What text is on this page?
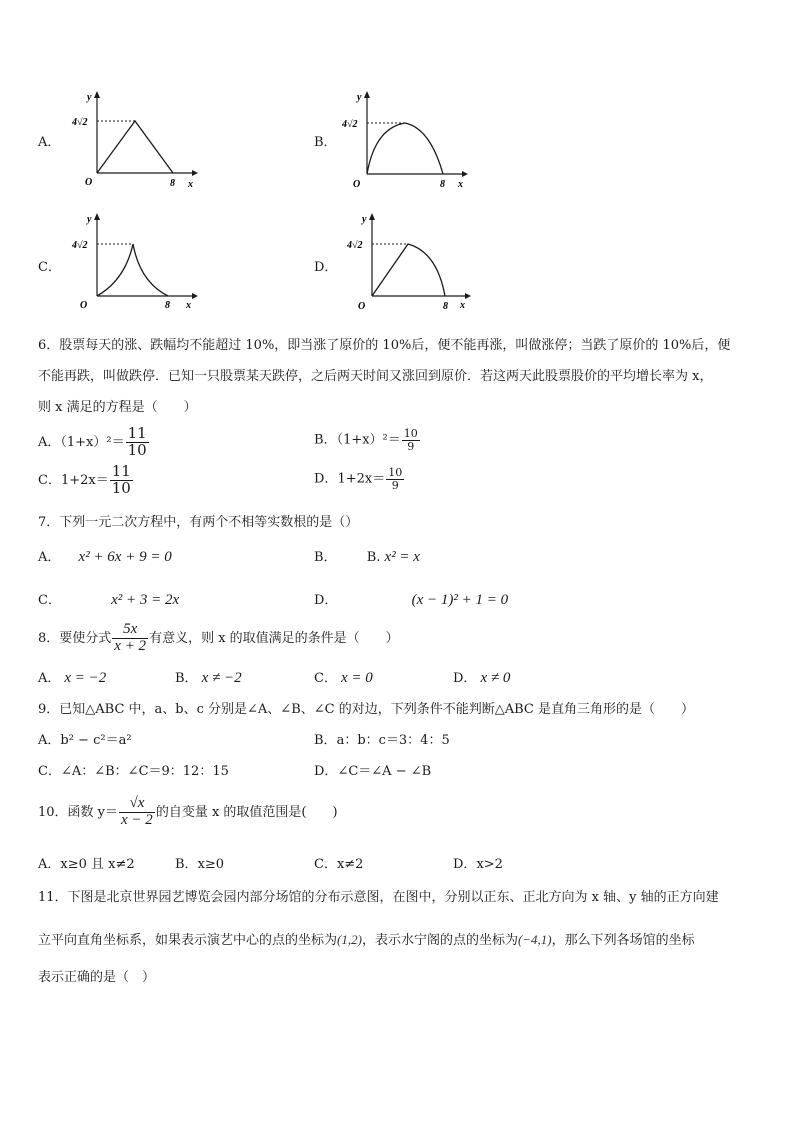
A．
4√2
8
O	x
y
B．
4√2
8
O	x
y
C．
4√2
8
O	x
y
D．
4√2
8
O	x
y
6．股票每天的涨、跌幅均不能超过 10%，即当涨了原价的 10%后，便不能再涨，叫做涨停；当跌了原价的 10%后，便
不能再跌，叫做跌停．已知一只股票某天跌停，之后两天时间又涨回到原价．若这两天此股票股价的平均增长率为 x，
则 x 满足的方程是（　　）
A．$(1+x)^2= \frac{11}{10}$	B．$(1+x)^2= \frac{10}{9}$
C．$1+2x= \frac{11}{10}$	D．$1+2x= \frac{10}{9}$
7．下列一元二次方程中，有两个不相等实数根的是（）
A． x² + 6x + 9 = 0	B． B. x² = x
C．	x² + 3 = 2x	D．	(x − 1)² + 1 = 0
8．要使分式 $\frac{5x}{x + 2}$ 有意义，则 x 的取值满足的条件是（　　）
A． x = −2	B． x ≠ −2	C． x = 0	D． x ≠ 0
9．已知△ABC 中，a、b、c 分别是∠A、∠B、∠C 的对边，下列条件不能判断△ABC 是直角三角形的是（　　）
A．b² − c²＝a²	B．a：b：c＝3：4：5
C．∠A：∠B：∠C＝9：12：15	D．∠C＝∠A − ∠B
10．函数 $y= \frac{√x}{x - 2}$ 的自变量 x 的取值范围是(　　)
A．x≥0 且 x≠2	B．x≥0	C．x≠2	D．x>2
11．下图是北京世界园艺博览会园内部分场馆的分布示意图，在图中，分别以正东、正北方向为 x 轴、y 轴的正方向建
立平向直角坐标系，如果表示演艺中心的点的坐标为(1,2)，表示水宁阁的点的坐标为(−4,1)，那么下列各场馆的坐标
表示正确的是（　）
